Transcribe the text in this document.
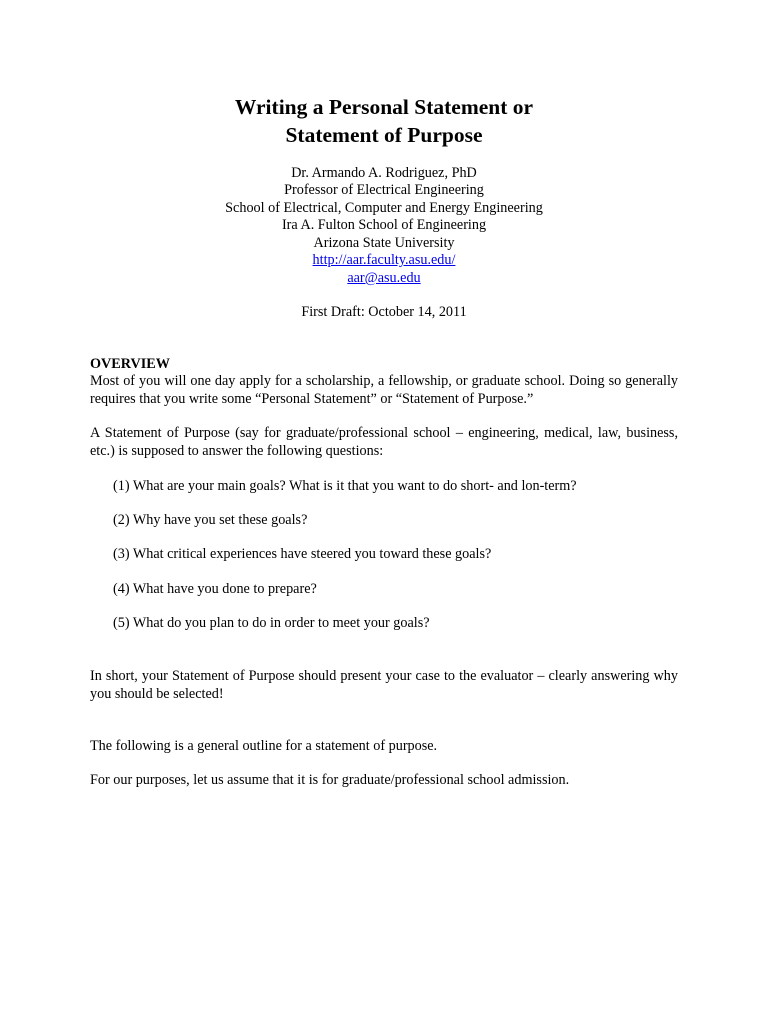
Writing a Personal Statement or
Statement of Purpose
Dr. Armando A. Rodriguez, PhD
Professor of Electrical Engineering
School of Electrical, Computer and Energy Engineering
Ira A. Fulton School of Engineering
Arizona State University
http://aar.faculty.asu.edu/
aar@asu.edu
First Draft: October 14, 2011
OVERVIEW
Most of you will one day apply for a scholarship, a fellowship, or graduate school. Doing so generally requires that you write some “Personal Statement” or “Statement of Purpose.”
A Statement of Purpose (say for graduate/professional school – engineering, medical, law, business, etc.) is supposed to answer the following questions:
(1) What are your main goals? What is it that you want to do short- and lon-term?
(2) Why have you set these goals?
(3) What critical experiences have steered you toward these goals?
(4) What have you done to prepare?
(5) What do you plan to do in order to meet your goals?
In short, your Statement of Purpose should present your case to the evaluator – clearly answering why you should be selected!
The following is a general outline for a statement of purpose.
For our purposes, let us assume that it is for graduate/professional school admission.
